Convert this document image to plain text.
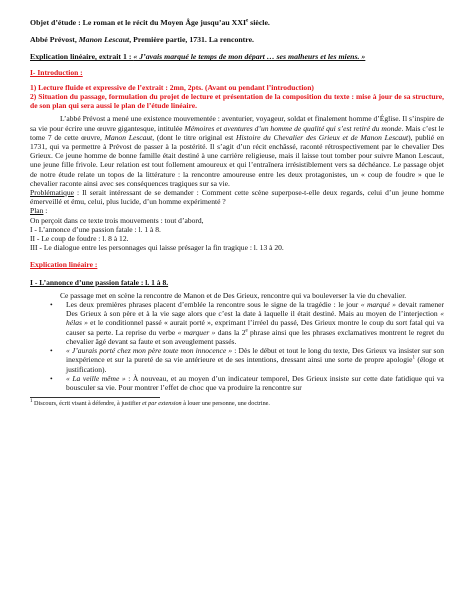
Objet d’étude : Le roman et le récit du Moyen Âge jusqu’au XXIe siècle.

Abbé Prévost, Manon Lescaut, Première partie, 1731. La rencontre.

Explication linéaire, extrait 1 : « J’avais marqué le temps de mon départ … ses malheurs et les miens. »

I- Introduction :

1) Lecture fluide et expressive de l’extrait : 2mn, 2pts. (Avant ou pendant l’introduction)

2) Situation du passage, formulation du projet de lecture et présentation de la composition du texte : mise à jour de sa structure, de son plan qui sera aussi le plan de l’étude linéaire.

L’abbé Prévost a mené une existence mouvementée : aventurier, voyageur, soldat et finalement homme d’Église. Il s’inspire de sa vie pour écrire une œuvre gigantesque, intitulée Mémoires et aventures d’un homme de qualité qui s’est retiré du monde. Mais c’est le tome 7 de cette œuvre, Manon Lescaut, (dont le titre original est Histoire du Chevalier des Grieux et de Manon Lescaut), publié en 1731, qui va permettre à Prévost de passer à la postérité. Il s’agit d’un récit enchâssé, raconté rétrospectivement par le chevalier Des Grieux. Ce jeune homme de bonne famille était destiné à une carrière religieuse, mais il laisse tout tomber pour suivre Manon Lescaut, une jeune fille frivole. Leur relation est tout follement amoureux et qui l’entraînera irrésistiblement vers sa déchéance. Le passage objet de notre étude relate un topos de la littérature : la rencontre amoureuse entre les deux protagonistes, un « coup de foudre » que le chevalier raconte ainsi avec ses conséquences tragiques sur sa vie.

Problématique : Il serait intéressant de se demander : Comment cette scène superpose-t-elle deux regards, celui d’un jeune homme émerveillé et ému, celui, plus lucide, d’un homme expérimenté ?

Plan :

On perçoit dans ce texte trois mouvements : tout d’abord,

I - L’annonce d’une passion fatale : l. 1 à 8.

II - Le coup de foudre : l. 8 à 12.

III - Le dialogue entre les personnages qui laisse présager la fin tragique : l. 13 à 20.

Explication linéaire :

I - L’annonce d’une passion fatale : l. 1 à 8.

Ce passage met en scène la rencontre de Manon et de Des Grieux, rencontre qui va bouleverser la vie du chevalier.

• Les deux premières phrases placent d’emblée la rencontre sous le signe de la tragédie : le jour « marqué » devait ramener Des Grieux à son père et à la vie sage alors que c’est la date à laquelle il était destiné. Mais au moyen de l’interjection « hélas » et le conditionnel passé « aurait porté », exprimant l’irréel du passé, Des Grieux montre le coup du sort fatal qui va causer sa perte. La reprise du verbe « marquer » dans la 2e phrase ainsi que les phrases exclamatives montrent le regret du chevalier âgé devant sa faute et son aveuglement passés.
• « J’aurais porté chez mon père toute mon innocence » : Dès le début et tout le long du texte, Des Grieux va insister sur son inexpérience et sur la pureté de sa vie antérieure et de ses intentions, dressant ainsi une sorte de propre apologie$^1$ (éloge et justification).
• « La veille même » : À nouveau, et au moyen d’un indicateur temporel, Des Grieux insiste sur cette date fatidique qui va bousculer sa vie. Pour montrer l’effet de choc que va produire la rencontre sur

$^1$ Discours, écrit visant à défendre, à justifier et par extension à louer une personne, une doctrine.
